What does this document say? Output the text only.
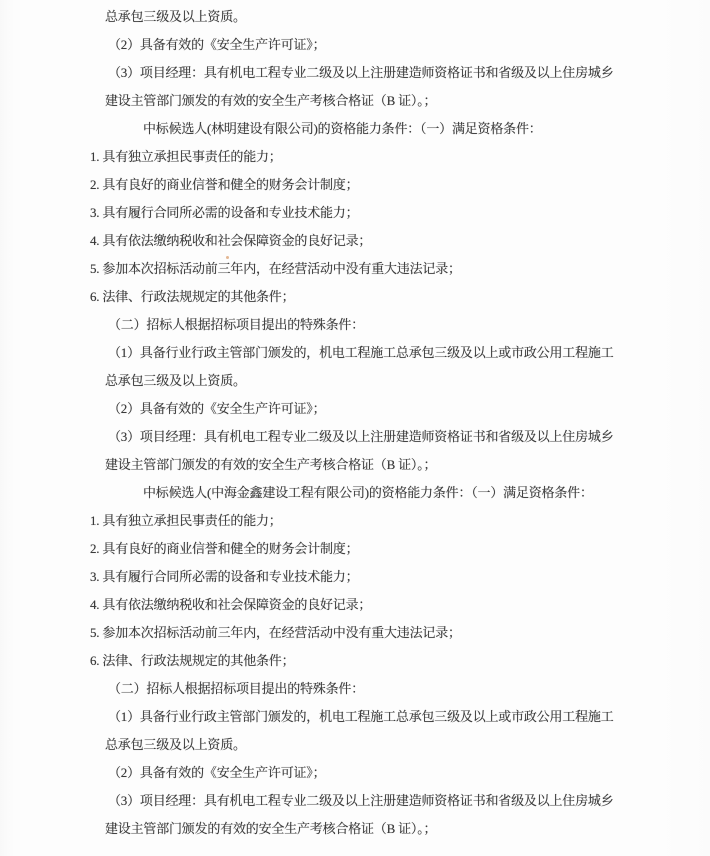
总承包三级及以上资质。
（2）具备有效的《安全生产许可证》；
（3）项目经理：具有机电工程专业二级及以上注册建造师资格证书和省级及以上住房城乡
建设主管部门颁发的有效的安全生产考核合格证（B 证）。；
中标候选人(林明建设有限公司)的资格能力条件：（一）满足资格条件：
1. 具有独立承担民事责任的能力；
2. 具有良好的商业信誉和健全的财务会计制度；
3. 具有履行合同所必需的设备和专业技术能力；
4. 具有依法缴纳税收和社会保障资金的良好记录；
5. 参加本次招标活动前三年内，在经营活动中没有重大违法记录；
6. 法律、行政法规规定的其他条件；
（二）招标人根据招标项目提出的特殊条件：
（1）具备行业行政主管部门颁发的，机电工程施工总承包三级及以上或市政公用工程施工
总承包三级及以上资质。
（2）具备有效的《安全生产许可证》；
（3）项目经理：具有机电工程专业二级及以上注册建造师资格证书和省级及以上住房城乡
建设主管部门颁发的有效的安全生产考核合格证（B 证）。；
中标候选人(中海金鑫建设工程有限公司)的资格能力条件：（一）满足资格条件：
1. 具有独立承担民事责任的能力；
2. 具有良好的商业信誉和健全的财务会计制度；
3. 具有履行合同所必需的设备和专业技术能力；
4. 具有依法缴纳税收和社会保障资金的良好记录；
5. 参加本次招标活动前三年内，在经营活动中没有重大违法记录；
6. 法律、行政法规规定的其他条件；
（二）招标人根据招标项目提出的特殊条件：
（1）具备行业行政主管部门颁发的，机电工程施工总承包三级及以上或市政公用工程施工
总承包三级及以上资质。
（2）具备有效的《安全生产许可证》；
（3）项目经理：具有机电工程专业二级及以上注册建造师资格证书和省级及以上住房城乡
建设主管部门颁发的有效的安全生产考核合格证（B 证）。；
